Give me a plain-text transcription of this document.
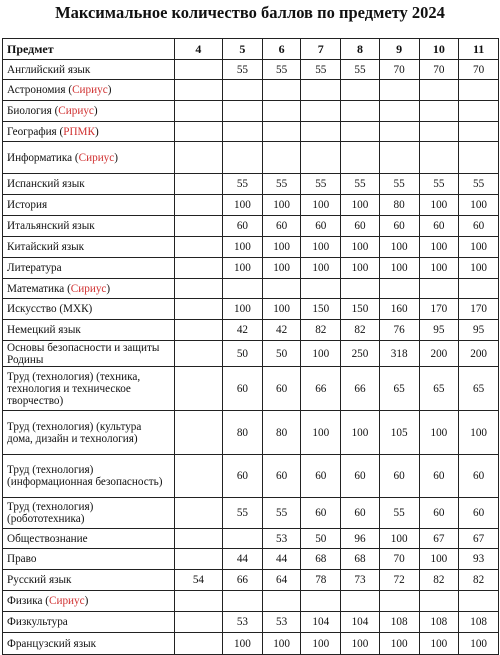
Максимальное количество баллов по предмету 2024
Предмет	4	5	6	7	8	9	10	11
Английский язык		55	55	55	55	70	70	70
Астрономия (Сириус)								
Биология (Сириус)								
География (РПМК)								
Информатика (Сириус)								
Испанский язык		55	55	55	55	55	55	55
История		100	100	100	100	80	100	100
Итальянский язык		60	60	60	60	60	60	60
Китайский язык		100	100	100	100	100	100	100
Литература		100	100	100	100	100	100	100
Математика (Сириус)								
Искусство (МХК)		100	100	150	150	160	170	170
Немецкий язык		42	42	82	82	76	95	95
Основы безопасности и защиты Родины		50	50	100	250	318	200	200
Труд (технология) (техника, технология и техническое творчество)		60	60	66	66	65	65	65
Труд (технология) (культура дома, дизайн и технология)		80	80	100	100	105	100	100
Труд (технология) (информационная безопасность)		60	60	60	60	60	60	60
Труд (технология) (робототехника)		55	55	60	60	55	60	60
Обществознание			53	50	96	100	67	67
Право		44	44	68	68	70	100	93
Русский язык	54	66	64	78	73	72	82	82
Физика (Сириус)								
Физкультура		53	53	104	104	108	108	108
Французский язык		100	100	100	100	100	100	100
